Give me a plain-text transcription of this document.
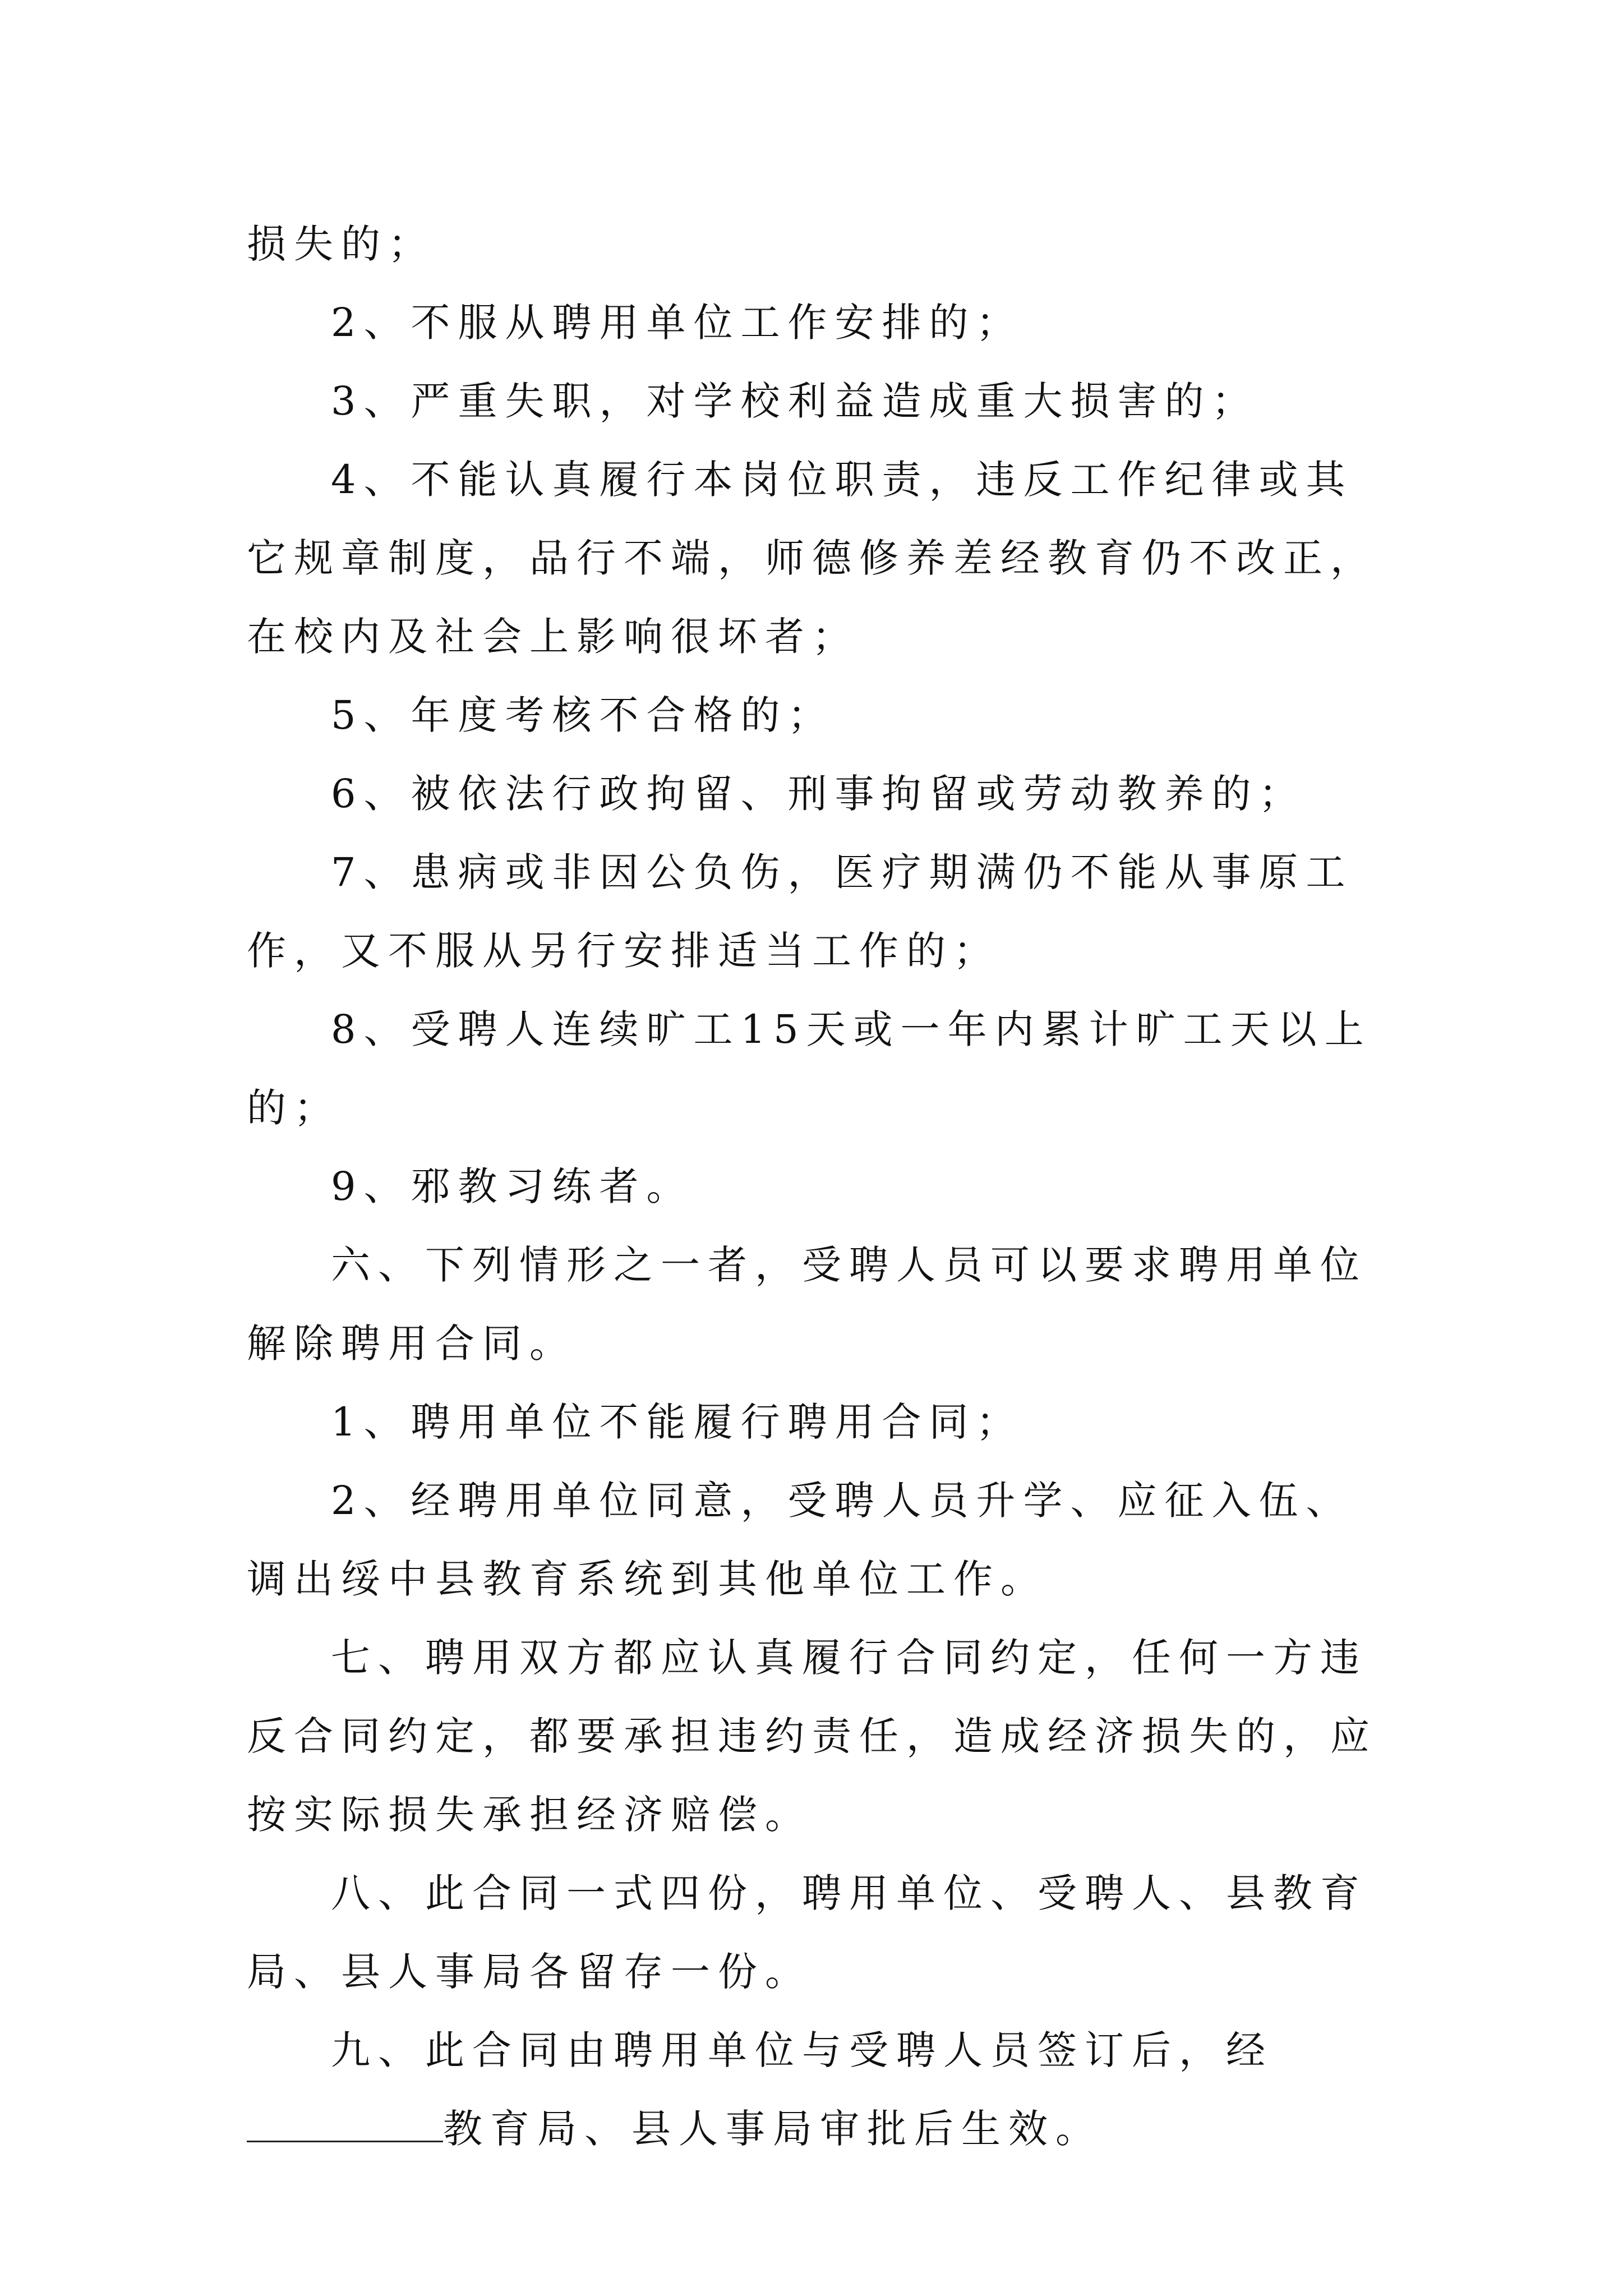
损失的；

2、不服从聘用单位工作安排的；

3、严重失职，对学校利益造成重大损害的；

4、不能认真履行本岗位职责，违反工作纪律或其它规章制度，品行不端，师德修养差经教育仍不改正，在校内及社会上影响很坏者；

5、年度考核不合格的；

6、被依法行政拘留、刑事拘留或劳动教养的；

7、患病或非因公负伤，医疗期满仍不能从事原工作，又不服从另行安排适当工作的；

8、受聘人连续旷工15天或一年内累计旷工天以上的；

9、邪教习练者。

六、下列情形之一者，受聘人员可以要求聘用单位解除聘用合同。

1、聘用单位不能履行聘用合同；

2、经聘用单位同意，受聘人员升学、应征入伍、调出绥中县教育系统到其他单位工作。

七、聘用双方都应认真履行合同约定，任何一方违反合同约定，都要承担违约责任，造成经济损失的，应按实际损失承担经济赔偿。

八、此合同一式四份，聘用单位、受聘人、县教育局、县人事局各留存一份。

九、此合同由聘用单位与受聘人员签订后，经教育局、县人事局审批后生效。
